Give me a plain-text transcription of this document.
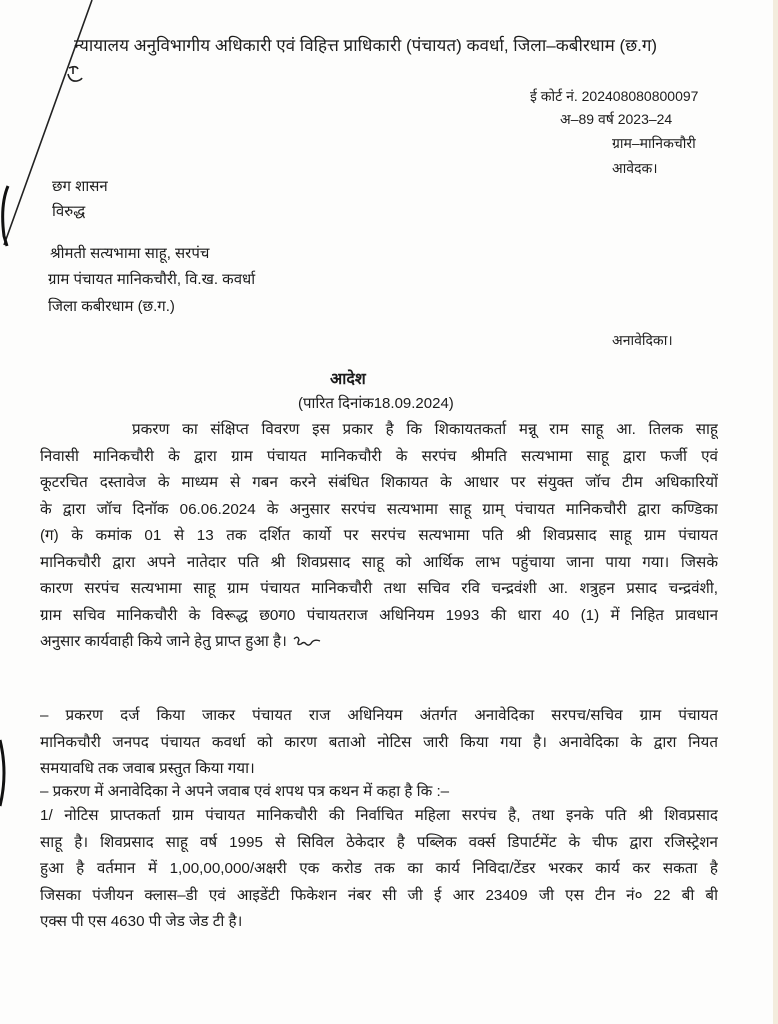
न्यायालय अनुविभागीय अधिकारी एवं विहित्त प्राधिकारी (पंचायत) कवर्धा, जिला–कबीरधाम (छ.ग)
ई कोर्ट नं. 202408080800097
अ–89 वर्ष 2023–24
ग्राम–मानिकचौरी
आवेदक।
छग शासन
विरुद्ध
श्रीमती सत्यभामा साहू, सरपंच
ग्राम पंचायत मानिकचौरी, वि.ख. कवर्धा
जिला कबीरधाम (छ.ग.)
अनावेदिका।
आदेश
(पारित दिनांक18.09.2024)
प्रकरण का संक्षिप्त विवरण इस प्रकार है कि शिकायतकर्ता मन्नू राम साहू आ. तिलक साहू
निवासी मानिकचौरी के द्वारा ग्राम पंचायत मानिकचौरी के सरपंच श्रीमति सत्यभामा साहू द्वारा फर्जी एवं
कूटरचित दस्तावेज के माध्यम से गबन करने संबंधित शिकायत के आधार पर संयुक्त जॉच टीम अधिकारियों
के द्वारा जॉच दिनॉक 06.06.2024 के अनुसार सरपंच सत्यभामा साहू ग्राम् पंचायत मानिकचौरी द्वारा कण्डिका
(ग) के कमांक 01 से 13 तक दर्शित कार्यो पर सरपंच सत्यभामा पति श्री शिवप्रसाद साहू ग्राम पंचायत
मानिकचौरी द्वारा अपने नातेदार पति श्री शिवप्रसाद साहू को आर्थिक लाभ पहुंचाया जाना पाया गया। जिसके
कारण सरपंच सत्यभामा साहू ग्राम पंचायत मानिकचौरी तथा सचिव रवि चन्द्रवंशी आ. शत्रुहन प्रसाद चन्द्रवंशी,
ग्राम सचिव मानिकचौरी के विरूद्ध छ0ग0 पंचायतराज अधिनियम 1993 की धारा 40 (1) में निहित प्रावधान
अनुसार कार्यवाही किये जाने हेतु प्राप्त हुआ है।
– प्रकरण दर्ज किया जाकर पंचायत राज अधिनियम अंतर्गत अनावेदिका सरपच/सचिव ग्राम पंचायत
मानिकचौरी जनपद पंचायत कवर्धा को कारण बताओ नोटिस जारी किया गया है। अनावेदिका के द्वारा नियत
समयावधि तक जवाब प्रस्तुत किया गया।
– प्रकरण में अनावेदिका ने अपने जवाब एवं शपथ पत्र कथन में कहा है कि :–
1/ नोटिस प्राप्तकर्ता ग्राम पंचायत मानिकचौरी की निर्वाचित महिला सरपंच है, तथा इनके पति श्री शिवप्रसाद
साहू है। शिवप्रसाद साहू वर्ष 1995 से सिविल ठेकेदार है पब्लिक वर्क्स डिपार्टमेंट के चीफ द्वारा रजिस्ट्रेशन
हुआ है वर्तमान में 1,00,00,000/अक्षरी एक करोड तक का कार्य निविदा/टेंडर भरकर कार्य कर सकता है
जिसका पंजीयन क्लास–डी एवं आइडेंटी फिकेशन नंबर सी जी ई आर 23409 जी एस टीन नं० 22 बी बी
एक्स पी एस 4630 पी जेड जेड टी है।
